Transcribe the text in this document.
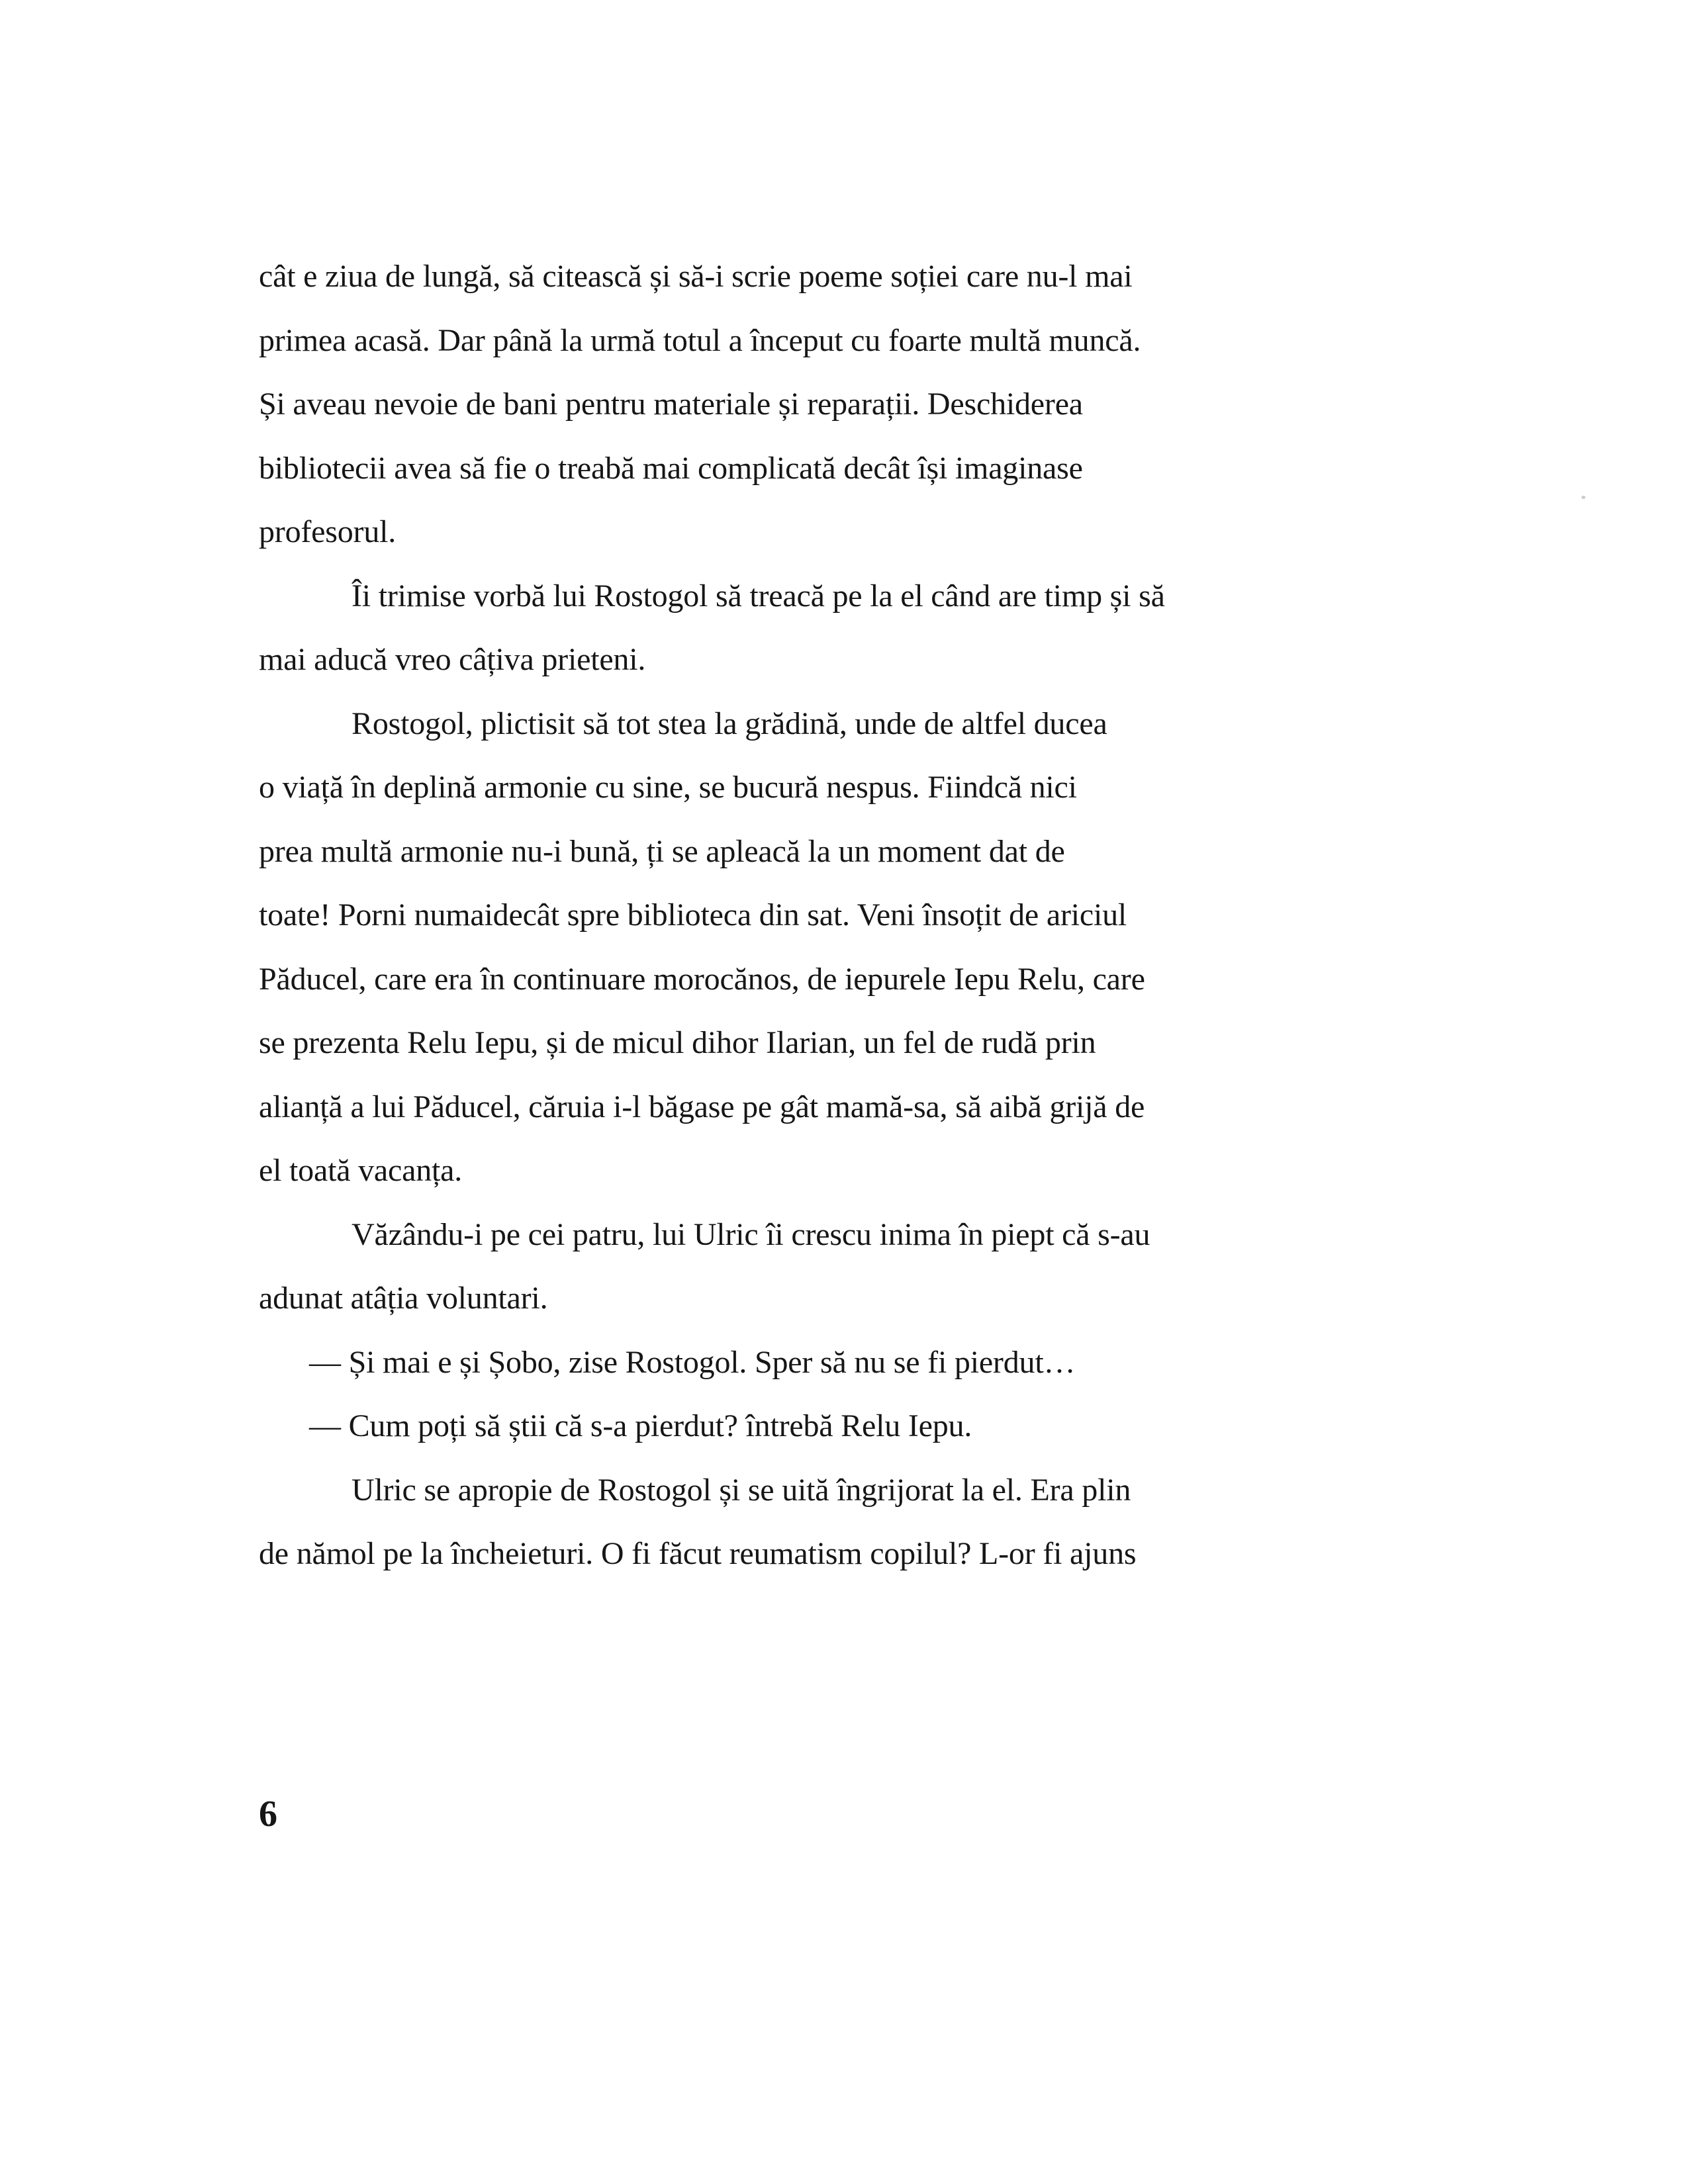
cât e ziua de lungă, să citească și să-i scrie poeme soției care nu-l mai

primea acasă. Dar până la urmă totul a început cu foarte multă muncă.

Și aveau nevoie de bani pentru materiale și reparații. Deschiderea

bibliotecii avea să fie o treabă mai complicată decât își imaginase

profesorul.

Îi trimise vorbă lui Rostogol să treacă pe la el când are timp și să

mai aducă vreo câțiva prieteni.

Rostogol, plictisit să tot stea la grădină, unde de altfel ducea

o viață în deplină armonie cu sine, se bucură nespus. Fiindcă nici

prea multă armonie nu-i bună, ți se apleacă la un moment dat de

toate! Porni numaidecât spre biblioteca din sat. Veni însoțit de ariciul

Păducel, care era în continuare morocănos, de iepurele Iepu Relu, care

se prezenta Relu Iepu, și de micul dihor Ilarian, un fel de rudă prin

alianță a lui Păducel, căruia i-l băgase pe gât mamă-sa, să aibă grijă de

el toată vacanța.

Văzându-i pe cei patru, lui Ulric îi crescu inima în piept că s-au

adunat atâția voluntari.

— Și mai e și Șobo, zise Rostogol. Sper să nu se fi pierdut…

— Cum poți să știi că s-a pierdut? întrebă Relu Iepu.

Ulric se apropie de Rostogol și se uită îngrijorat la el. Era plin

de nămol pe la încheieturi. O fi făcut reumatism copilul? L-or fi ajuns

6
